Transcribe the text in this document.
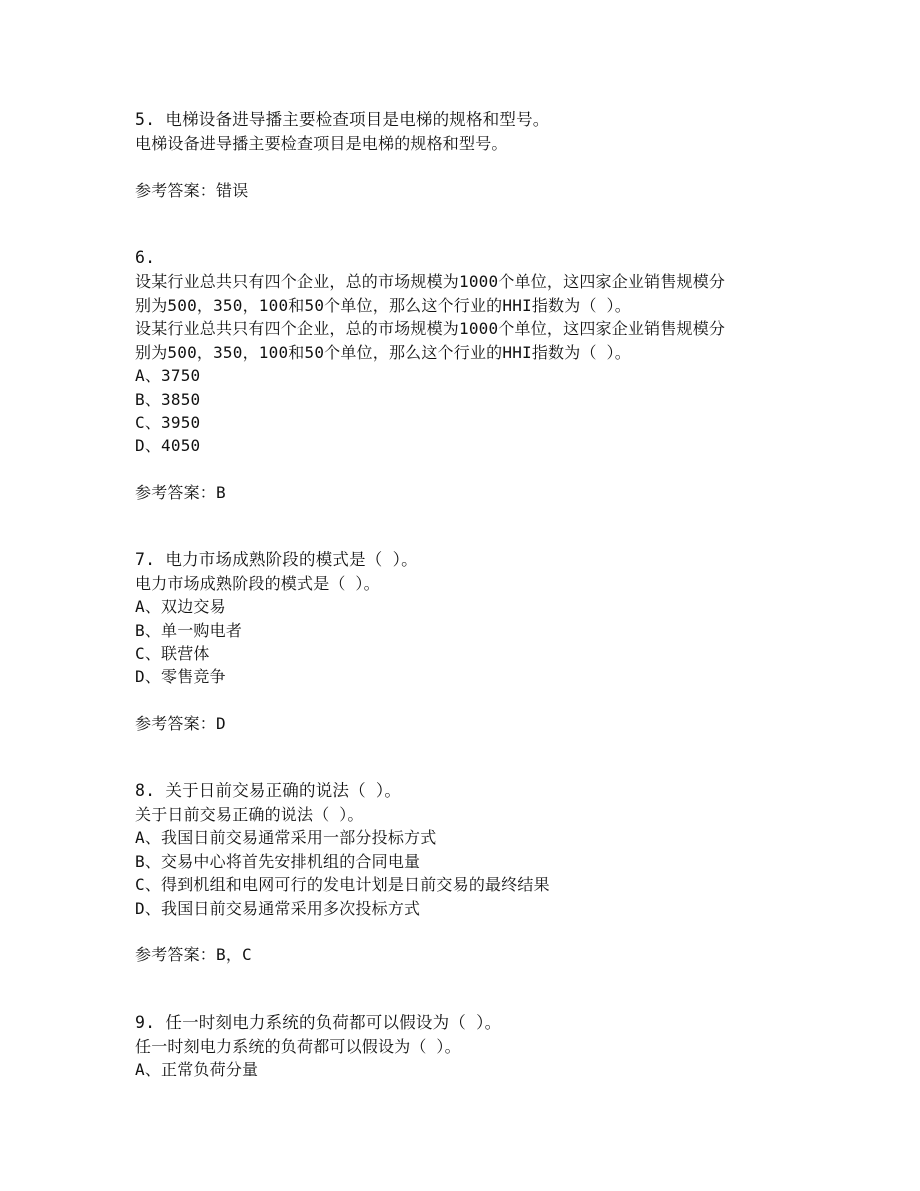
5. 电梯设备进导播主要检查项目是电梯的规格和型号。
电梯设备进导播主要检查项目是电梯的规格和型号。
参考答案：错误
6.
设某行业总共只有四个企业，总的市场规模为1000个单位，这四家企业销售规模分
别为500，350，100和50个单位，那么这个行业的HHI指数为（ ）。
设某行业总共只有四个企业，总的市场规模为1000个单位，这四家企业销售规模分
别为500，350，100和50个单位，那么这个行业的HHI指数为（ ）。
A、3750
B、3850
C、3950
D、4050
参考答案：B
7. 电力市场成熟阶段的模式是（ ）。
电力市场成熟阶段的模式是（ ）。
A、双边交易
B、单一购电者
C、联营体
D、零售竞争
参考答案：D
8. 关于日前交易正确的说法（ ）。
关于日前交易正确的说法（ ）。
A、我国日前交易通常采用一部分投标方式
B、交易中心将首先安排机组的合同电量
C、得到机组和电网可行的发电计划是日前交易的最终结果
D、我国日前交易通常采用多次投标方式
参考答案：B，C
9. 任一时刻电力系统的负荷都可以假设为（ ）。
任一时刻电力系统的负荷都可以假设为（ ）。
A、正常负荷分量
